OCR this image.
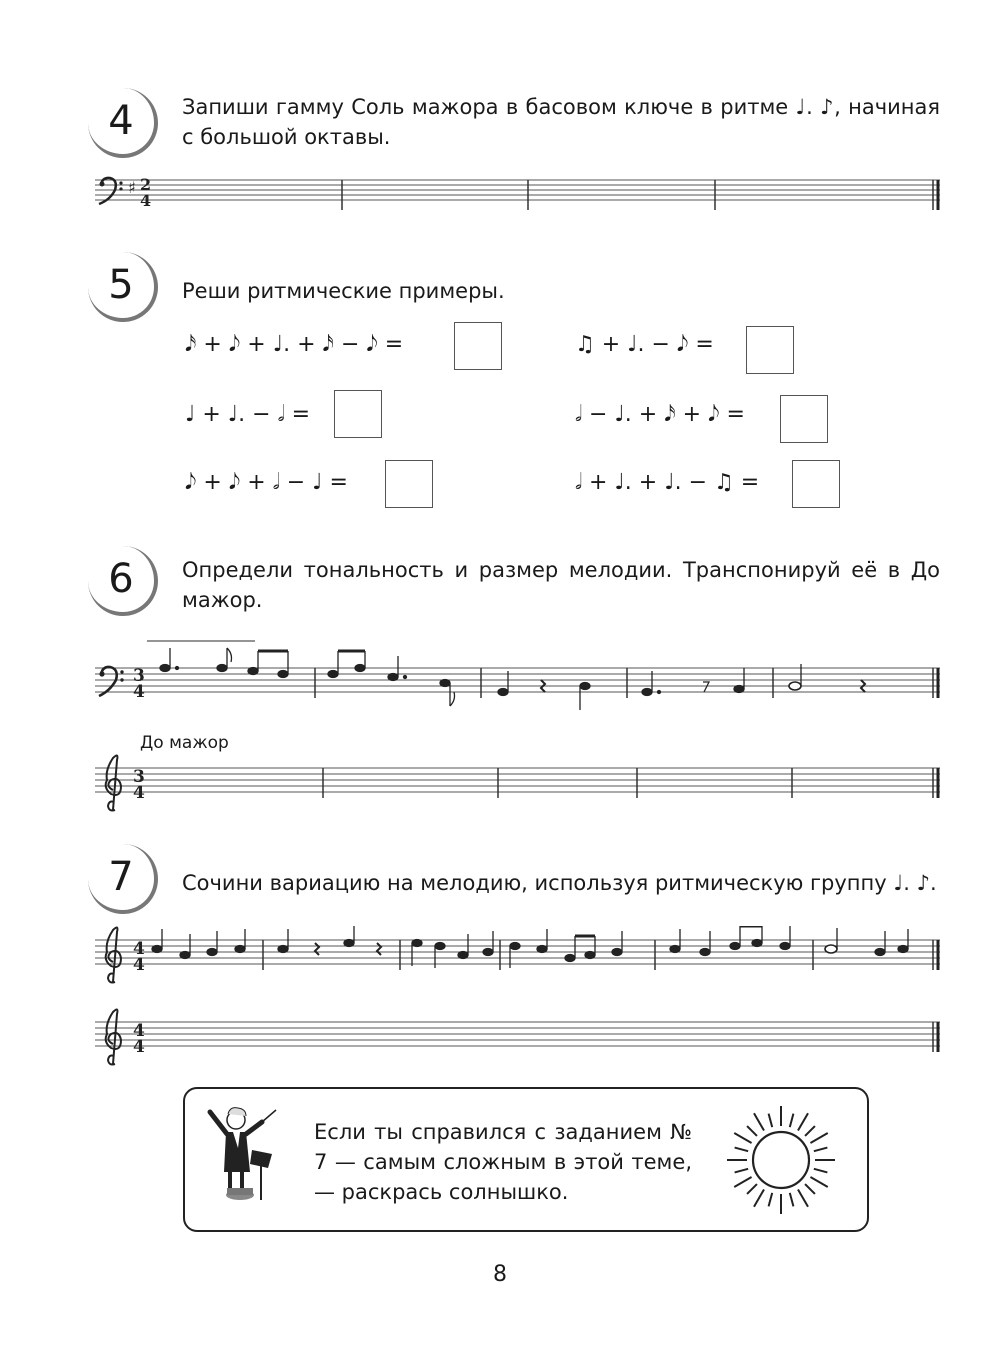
4	Запиши гамму Соль мажора в басовом ключе в ритме ♩. ♪, начиная с большой октавы.
♯ 2
4
5	Реши ритмические примеры.
𝅘𝅥𝅯 + 𝅘𝅥𝅮 + ♩. + 𝅘𝅥𝅯 − 𝅘𝅥𝅮 =	♫ + ♩. − 𝅘𝅥𝅮 =
♩ + ♩. − 𝅗𝅥 =	𝅗𝅥 − ♩. + 𝅘𝅥𝅯 + 𝅘𝅥𝅮 =
𝅘𝅥𝅮 + 𝅘𝅥𝅮 + 𝅗𝅥 − ♩ =	𝅗𝅥 + ♩. + ♩. − ♫ =
6	Определи тональность и размер мелодии. Транспонируй её в До мажор.
3
4
До мажор
3
4
7	Сочини вариацию на мелодию, используя ритмическую группу ♩. ♪.
4
4
4
4
Если ты справился с заданием № 7 — самым сложным в этой теме, — раскрась солнышко.
8
